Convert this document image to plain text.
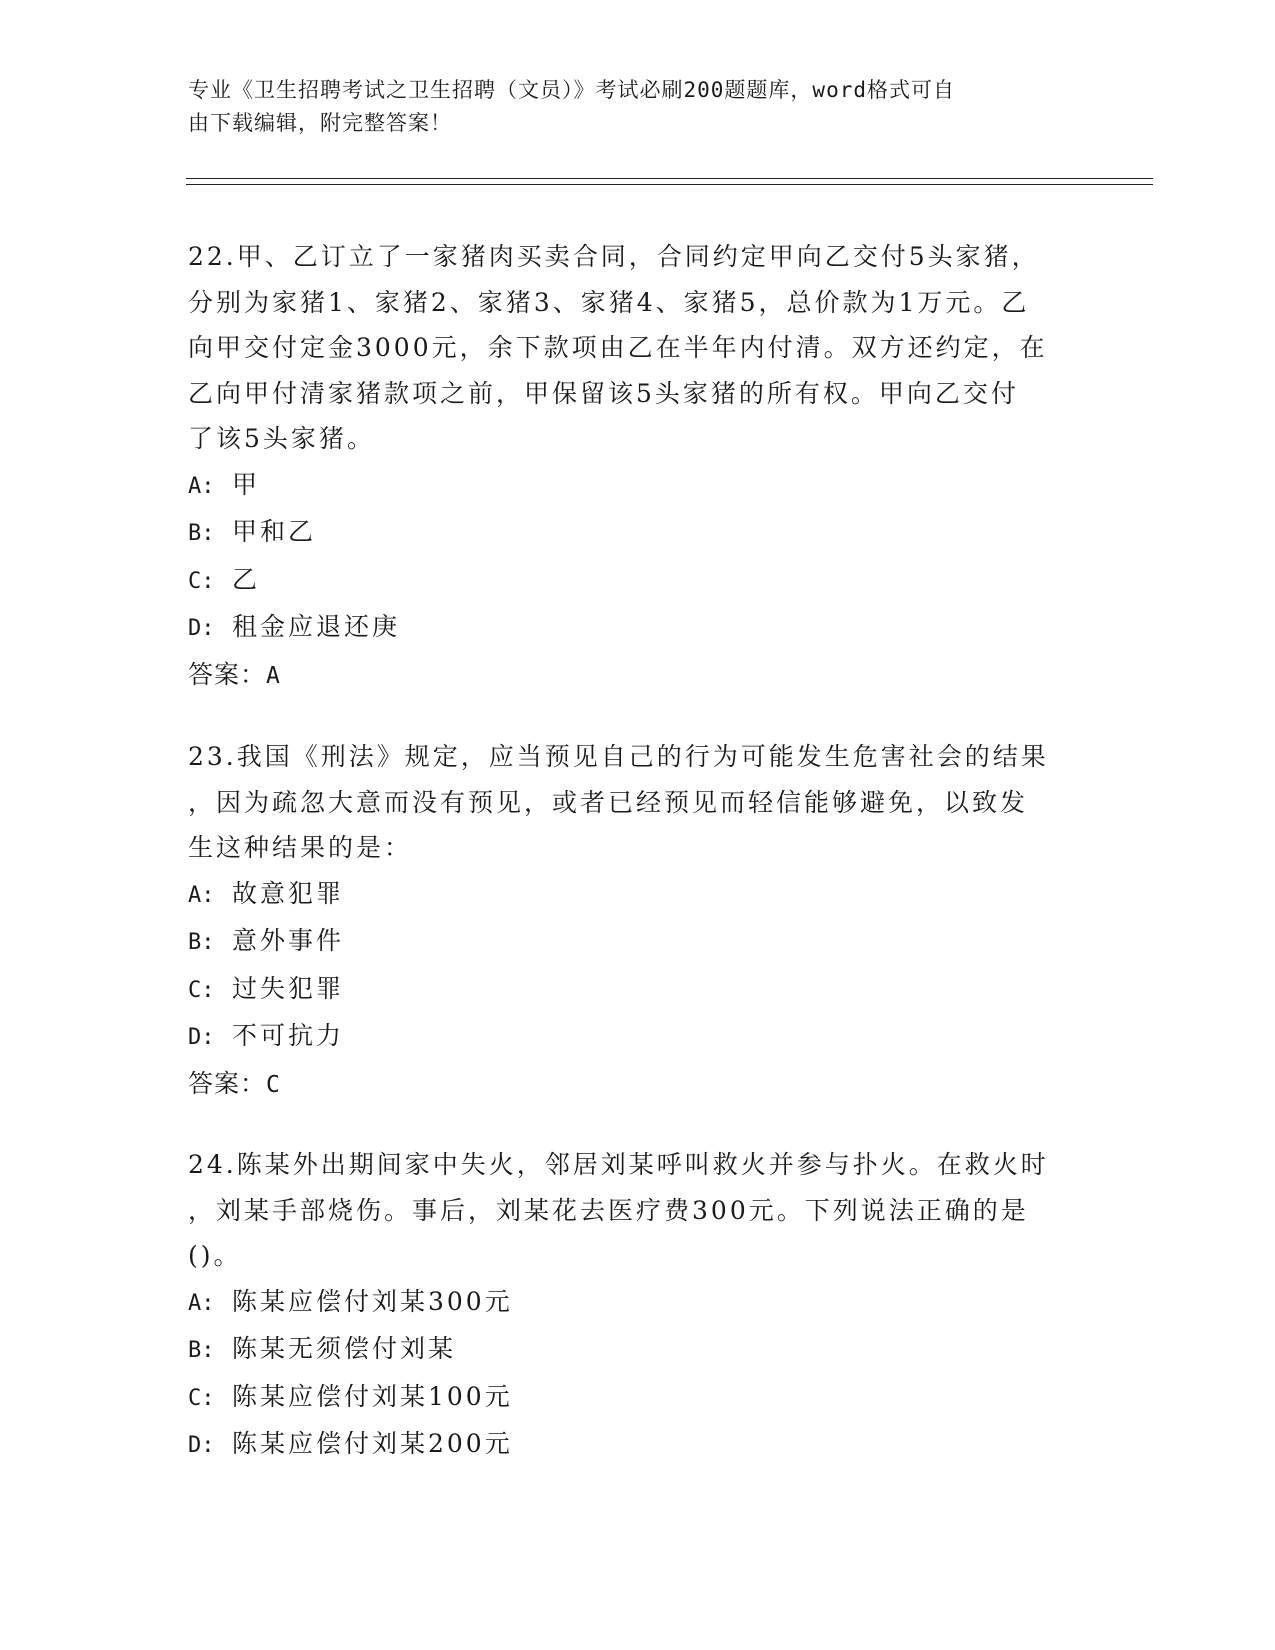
专业《卫生招聘考试之卫生招聘（文员）》考试必刷200题题库，word格式可自
由下载编辑，附完整答案！

22.甲、乙订立了一家猪肉买卖合同，合同约定甲向乙交付5头家猪，
分别为家猪1、家猪2、家猪3、家猪4、家猪5，总价款为1万元。乙
向甲交付定金3000元，余下款项由乙在半年内付清。双方还约定，在
乙向甲付清家猪款项之前，甲保留该5头家猪的所有权。甲向乙交付
了该5头家猪。

A: 甲

B: 甲和乙

C: 乙

D: 租金应退还庚

答案：A

23.我国《刑法》规定，应当预见自己的行为可能发生危害社会的结果
，因为疏忽大意而没有预见，或者已经预见而轻信能够避免，以致发
生这种结果的是：

A: 故意犯罪

B: 意外事件

C: 过失犯罪

D: 不可抗力

答案：C

24.陈某外出期间家中失火，邻居刘某呼叫救火并参与扑火。在救火时
，刘某手部烧伤。事后，刘某花去医疗费300元。下列说法正确的是
()。

A: 陈某应偿付刘某300元

B: 陈某无须偿付刘某

C: 陈某应偿付刘某100元

D: 陈某应偿付刘某200元
